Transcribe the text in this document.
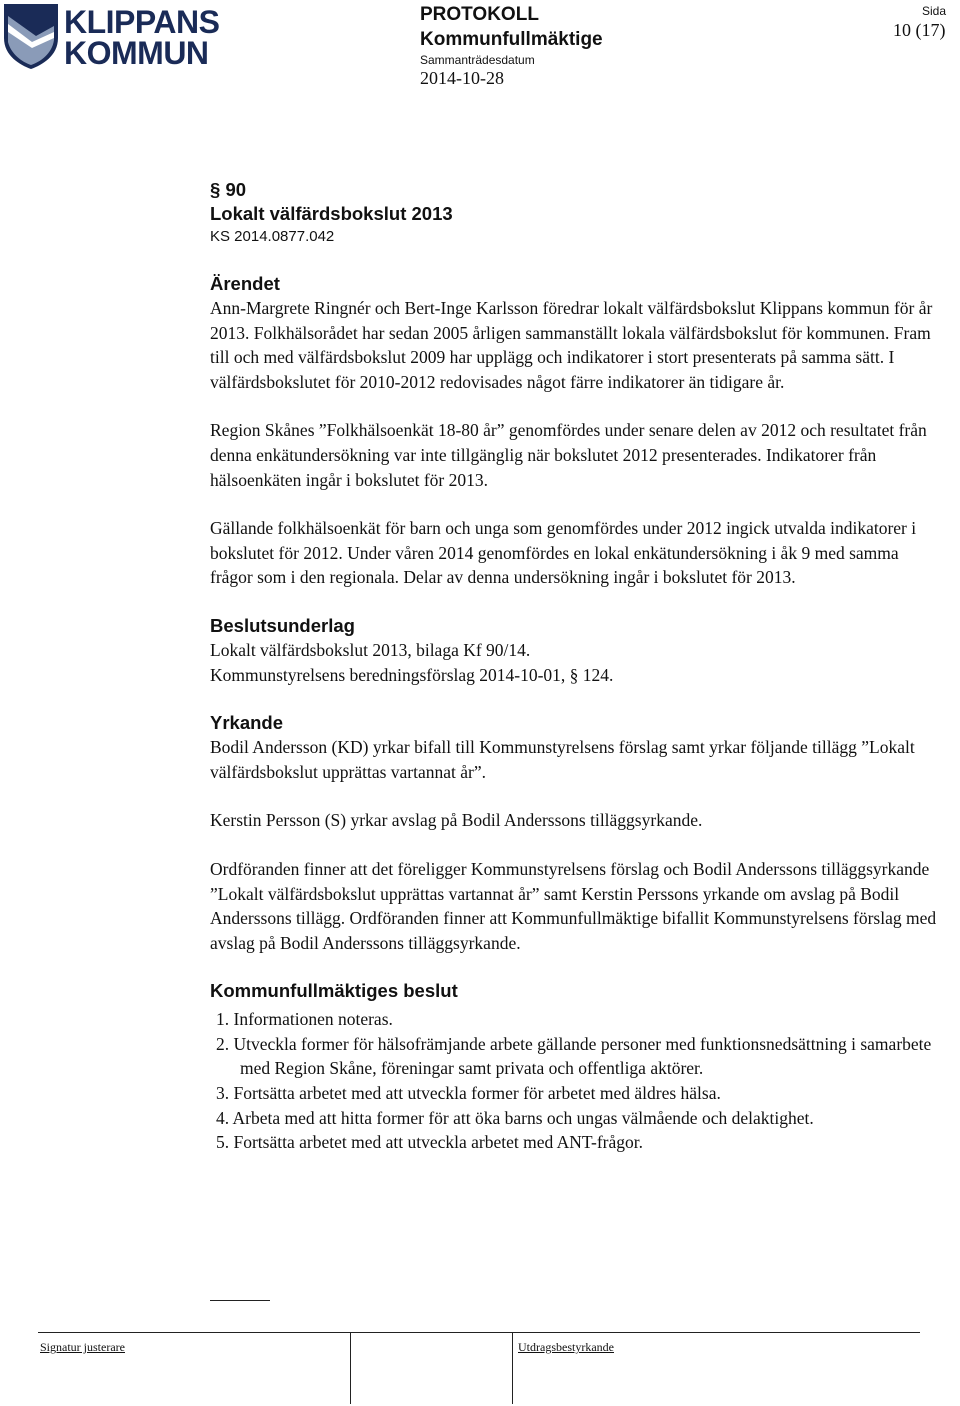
KLIPPANS
KOMMUN
PROTOKOLL
Kommunfullmäktige
Sammanträdesdatum
2014-10-28
Sida
10 (17)
§ 90
Lokalt välfärdsbokslut 2013
KS 2014.0877.042
Ärendet

Ann-Margrete Ringnér och Bert-Inge Karlsson föredrar lokalt välfärdsbokslut Klippans kommun för år 2013. Folkhälsorådet har sedan 2005 årligen sammanställt lokala välfärdsbokslut för kommunen. Fram till och med välfärdsbokslut 2009 har upplägg och indikatorer i stort presenterats på samma sätt. I välfärdsbokslutet för 2010-2012 redovisades något färre indikatorer än tidigare år.

Region Skånes ”Folkhälsoenkät 18-80 år” genomfördes under senare delen av 2012 och resultatet från denna enkätundersökning var inte tillgänglig när bokslutet 2012 presenterades. Indikatorer från hälsoenkäten ingår i bokslutet för 2013.

Gällande folkhälsoenkät för barn och unga som genomfördes under 2012 ingick utvalda indikatorer i bokslutet för 2012. Under våren 2014 genomfördes en lokal enkätundersökning i åk 9 med samma frågor som i den regionala. Delar av denna undersökning ingår i bokslutet för 2013.

Beslutsunderlag

Lokalt välfärdsbokslut 2013, bilaga Kf 90/14.

Kommunstyrelsens beredningsförslag 2014-10-01, § 124.

Yrkande

Bodil Andersson (KD) yrkar bifall till Kommunstyrelsens förslag samt yrkar följande tillägg ”Lokalt välfärdsbokslut upprättas vartannat år”.

Kerstin Persson (S) yrkar avslag på Bodil Anderssons tilläggsyrkande.

Ordföranden finner att det föreligger Kommunstyrelsens förslag och Bodil Anderssons tilläggsyrkande ”Lokalt välfärdsbokslut upprättas vartannat år” samt Kerstin Perssons yrkande om avslag på Bodil Anderssons tillägg. Ordföranden finner att Kommunfullmäktige bifallit Kommunstyrelsens förslag med avslag på Bodil Anderssons tilläggsyrkande.

Kommunfullmäktiges beslut
1. Informationen noteras.
2. Utveckla former för hälsofrämjande arbete gällande personer med funktionsnedsättning i samarbete med Region Skåne, föreningar samt privata och offentliga aktörer.
3. Fortsätta arbetet med att utveckla former för arbetet med äldres hälsa.
4. Arbeta med att hitta former för att öka barns och ungas välmående och delaktighet.
5. Fortsätta arbetet med att utveckla arbetet med ANT-frågor.
Signatur justerare	Utdragsbestyrkande
